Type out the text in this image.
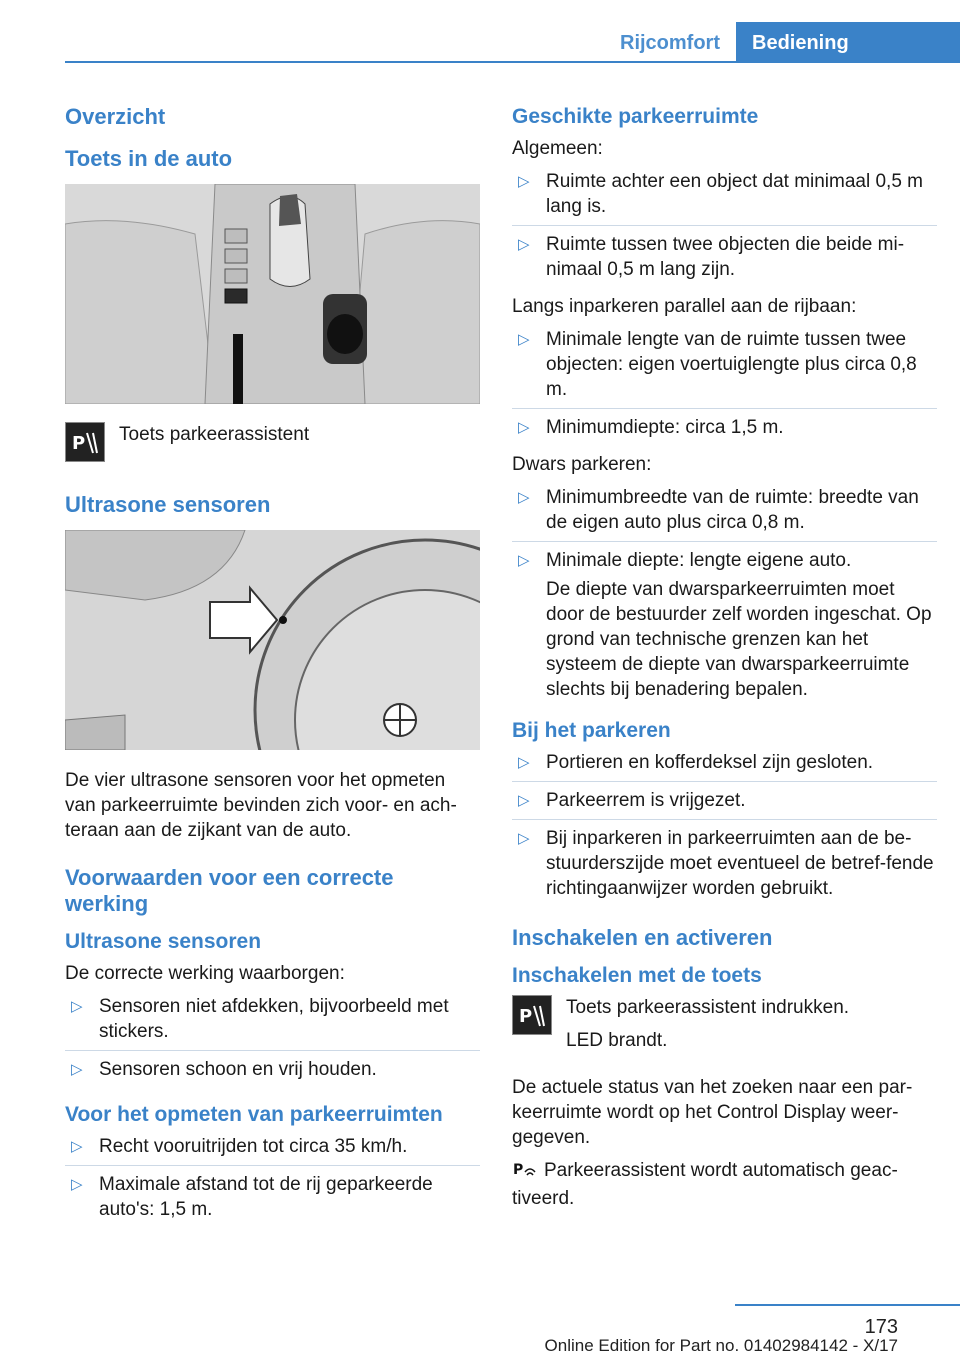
Rijcomfort	Bediening
Overzicht
Toets in de auto
P Toets parkeerassistent

Ultrasone sensoren

De vier ultrasone sensoren voor het opmeten van parkeerruimte bevinden zich voor- en ach-teraan aan de zijkant van de auto.

Voorwaarden voor een correcte werking
Ultrasone sensoren

De correcte werking waarborgen:

▷ Sensoren niet afdekken, bijvoorbeeld met stickers.
▷ Sensoren schoon en vrij houden.
Voor het opmeten van parkeerruimten
▷ Recht vooruitrijden tot circa 35 km/h.
▷ Maximale afstand tot de rij geparkeerde auto's: 1,5 m.
Geschikte parkeerruimte

Algemeen:

▷ Ruimte achter een object dat minimaal 0,5 m lang is.
▷ Ruimte tussen twee objecten die beide mi-nimaal 0,5 m lang zijn.

Langs inparkeren parallel aan de rijbaan:

▷ Minimale lengte van de ruimte tussen twee objecten: eigen voertuiglengte plus circa 0,8 m.
▷ Minimumdiepte: circa 1,5 m.

Dwars parkeren:

▷ Minimumbreedte van de ruimte: breedte van de eigen auto plus circa 0,8 m.
▷ Minimale diepte: lengte eigene auto.
De diepte van dwarsparkeerruimten moet door de bestuurder zelf worden ingeschat. Op grond van technische grenzen kan het systeem de diepte van dwarsparkeerruimte slechts bij benadering bepalen.
Bij het parkeren
▷ Portieren en kofferdeksel zijn gesloten.
▷ Parkeerrem is vrijgezet.
▷ Bij inparkeren in parkeerruimten aan de be-stuurderszijde moet eventueel de betref-fende richtingaanwijzer worden gebruikt.
Inschakelen en activeren
Inschakelen met de toets
P Toets parkeerassistent indrukken.

LED brandt.

De actuele status van het zoeken naar een par-keerruimte wordt op het Control Display weer-gegeven.

P Parkeerassistent wordt automatisch geac-tiveerd.

173
Online Edition for Part no. 01402984142 - X/17
